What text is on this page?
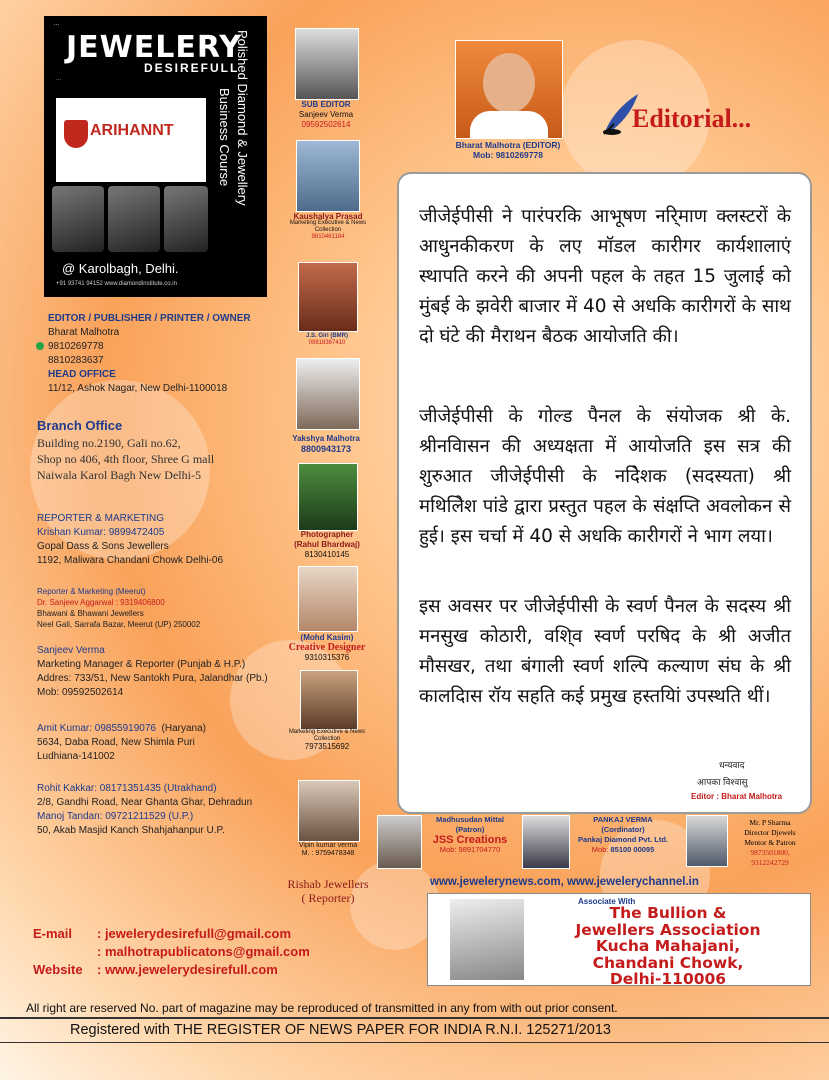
...
JEWELERY
DESIREFULL
...
ARIHANNT	Polished Diamond & Jewellery
Business Course
@ Karolbagh, Delhi.
+91 93741 94152 www.diamondinstitute.co.in
EDITOR / PUBLISHER / PRINTER / OWNER
Bharat Malhotra
9810269778
8810283637
HEAD OFFICE
11/12, Ashok Nagar, New Delhi-1100018
Branch Office
Building no.2190, Gali no.62,
Shop no 406, 4th floor, Shree G mall
Naiwala Karol Bagh New Delhi-5
REPORTER & MARKETING
Krishan Kumar: 9899472405
Gopal Dass & Sons Jewellers
1192, Maliwara Chandani Chowk Delhi-06
Reporter & Marketing (Meerut)
Dr. Sanjeev Aggarwal : 9319406800
Bhawani & Bhawani Jewellers
Neel Gali, Sarrafa Bazar, Meerut (UP) 250002
Sanjeev Verma
Marketing Manager & Reporter (Punjab & H.P.)
Addres: 733/51, New Santokh Pura, Jalandhar (Pb.)
Mob: 09592502614
Amit Kumar: 09855919076 (Haryana)
5634, Daba Road, New Shimla Puri
Ludhiana-141002
Rohit Kakkar: 08171351435 (Utrakhand)
2/8, Gandhi Road, Near Ghanta Ghar, Dehradun
Manoj Tandan: 09721211529 (U.P.)
50, Akab Masjid Kanch Shahjahanpur U.P.
SUB EDITOR
Sanjeev Verma
09592502614
Kaushalya Prasad
Marketing Executive & News Collection
9810461184
J.S. Giri (BMR)
09818367410
Yakshya Malhotra
8800943173
Photographer
(Rahul Bhardwaj)
8130410145
(Mohd Kasim)
Creative Designer
9310315376
Marketing Executive & News Collection
7973515692
Vipin kumar verma
M. : 9759478348
Rishab Jewellers
( Reporter)
Bharat Malhotra (EDITOR)
Mob: 9810269778
Editorial...
जीजेईपीसी ने पारंपरकि आभूषण नरि्माण क्लस्टरों के आधुनकीकरण के लए मॉडल कारीगर कार्यशालाएं स्थापति करने की अपनी पहल के तहत 15 जुलाई को मुंबई के झवेरी बाजार में 40 से अधकि कारीगरों के साथ दो घंटे की मैराथन बैठक आयोजति की।
जीजेईपीसी के गोल्ड पैनल के संयोजक श्री के. श्रीनविासन की अध्यक्षता में आयोजति इस सत्र की शुरुआत जीजेईपीसी के नदिेशक (सदस्यता) श्री मथिलिेश पांडे द्वारा प्रस्तुत पहल के संक्षप्ति अवलोकन से हुई। इस चर्चा में 40 से अधकि कारीगरों ने भाग लया।
इस अवसर पर जीजेईपीसी के स्वर्ण पैनल के सदस्य श्री मनसुख कोठारी, वशि्व स्वर्ण परषिद के श्री अजीत मौसखर, तथा बंगाली स्वर्ण शल्पि कल्याण संघ के श्री कालदिास रॉय सहति कई प्रमुख हस्तयिां उपस्थति थीं।
धन्यवाद
आपका विश्वासु
Editor : Bharat Malhotra
Madhusudan Mittal
(Patron)
JSS Creations
Mob: 9891704770
PANKAJ VERMA
(Cordinator)
Pankaj Diamond Pvt. Ltd.
Mob: 85100 00095
Mr. P Sharma
Director Djewels
Mentor & Patron
9873501800,
9312242729
www.jewelerynews.com, www.jewelerychannel.in
Associate With
The Bullion &
Jewellers Association
Kucha Mahajani,
Chandani Chowk,
Delhi-110006
E-mail : jewelerydesirefull@gmail.com
: malhotrapublicatons@gmail.com
Website : www.jewelerydesirefull.com
All right are reserved No. part of magazine may be reproduced of transmitted in any from with out prior consent.
Registered with THE REGISTER OF NEWS PAPER FOR INDIA R.N.I. 125271/2013
